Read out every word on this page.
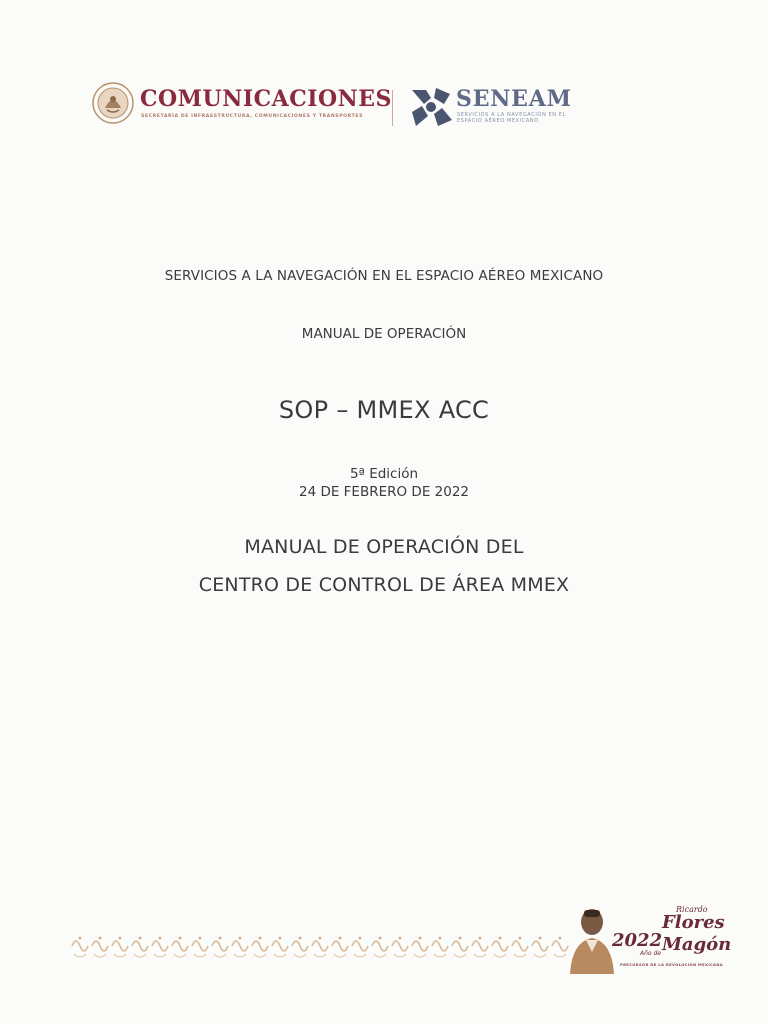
COMUNICACIONES
SECRETARÍA DE INFRAESTRUCTURA, COMUNICACIONES Y TRANSPORTES
SENEAM
SERVICIOS A LA NAVEGACIÓN EN EL
ESPACIO AÉREO MEXICANO
SERVICIOS A LA NAVEGACIÓN EN EL ESPACIO AÉREO MEXICANO
MANUAL DE OPERACIÓN
SOP – MMEX ACC
5ª Edición
24 DE FEBRERO DE 2022
MANUAL DE OPERACIÓN DEL
CENTRO DE CONTROL DE ÁREA MMEX
Ricardo
Flores
2022
Año de Magón
PRECURSOR DE LA REVOLUCIÓN MEXICANA
